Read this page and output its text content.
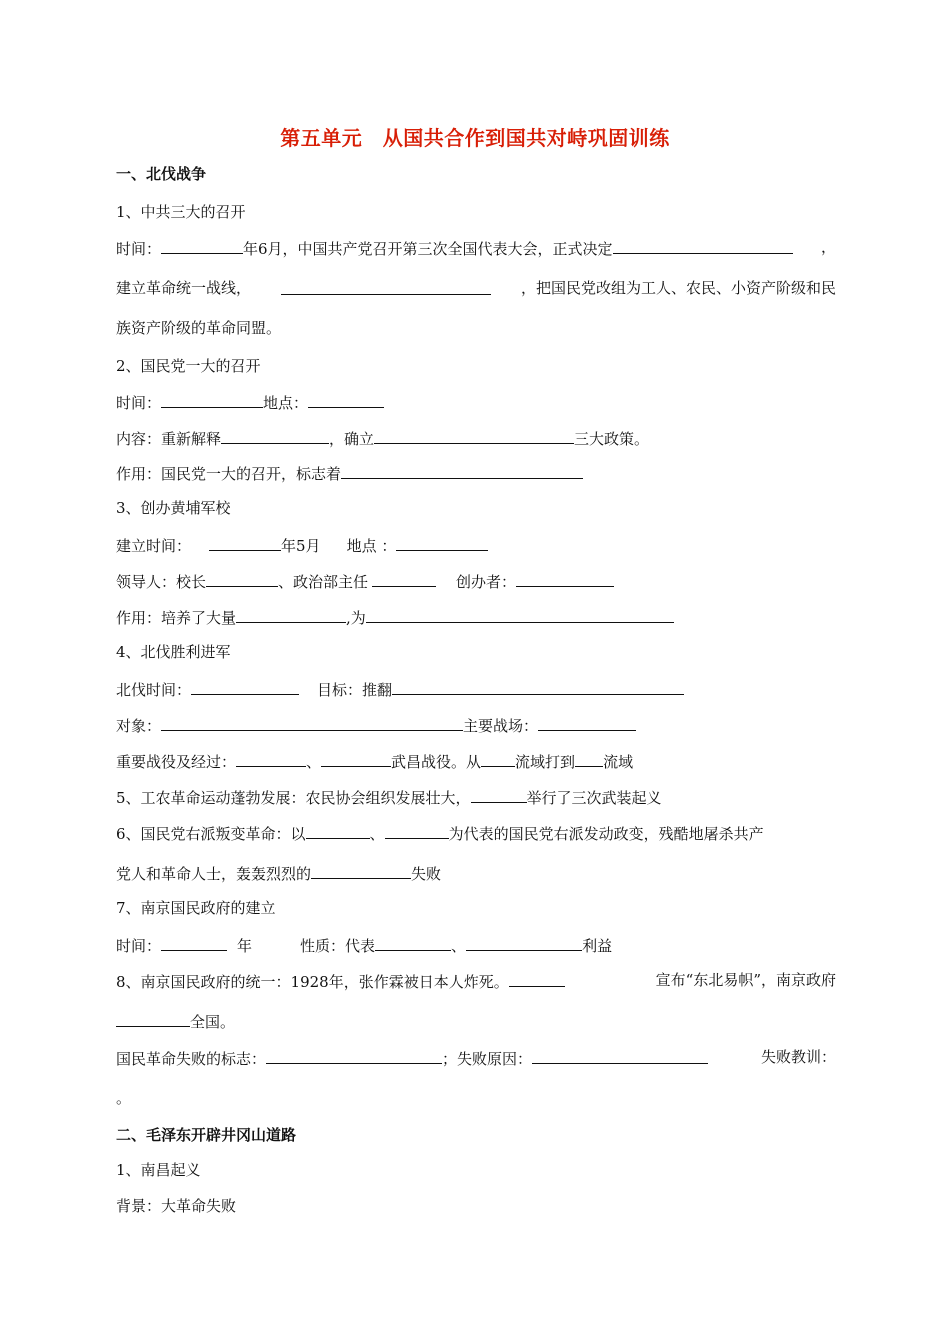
第五单元　从国共合作到国共对峙巩固训练
一、北伐战争
1、中共三大的召开
时间：	年6月，中国共产党召开第三次全国代表大会，正式决定	，
建立革命统一战线，	，把国民党改组为工人、农民、小资产阶级和民
族资产阶级的革命同盟。
2、国民党一大的召开
时间：	地点：
内容：重新解释	，确立	三大政策。
作用：国民党一大的召开，标志着
3、创办黄埔军校
建立时间：	年5月 地点 ：
领导人：校长	、政治部主任	创办者：
作用：培养了大量	,为
4、北伐胜利进军
北伐时间：	目标：推翻
对象：	主要战场：
重要战役及经过：	、	武昌战役。从 流域打到 流域
5、工农革命运动蓬勃发展：农民协会组织发展壮大，	举行了三次武装起义
6、国民党右派叛变革命：以	、	为代表的国民党右派发动政变，残酷地屠杀共产
党人和革命人士，轰轰烈烈的	失败
7、南京国民政府的建立
时间：	年	性质：代表	、	利益
8、南京国民政府的统一：1928年，张作霖被日本人炸死。	宣布“东北易帜”，南京政府
全国。
国民革命失败的标志：	；失败原因：	失败教训：
。
二、毛泽东开辟井冈山道路
1、南昌起义
背景：大革命失败
